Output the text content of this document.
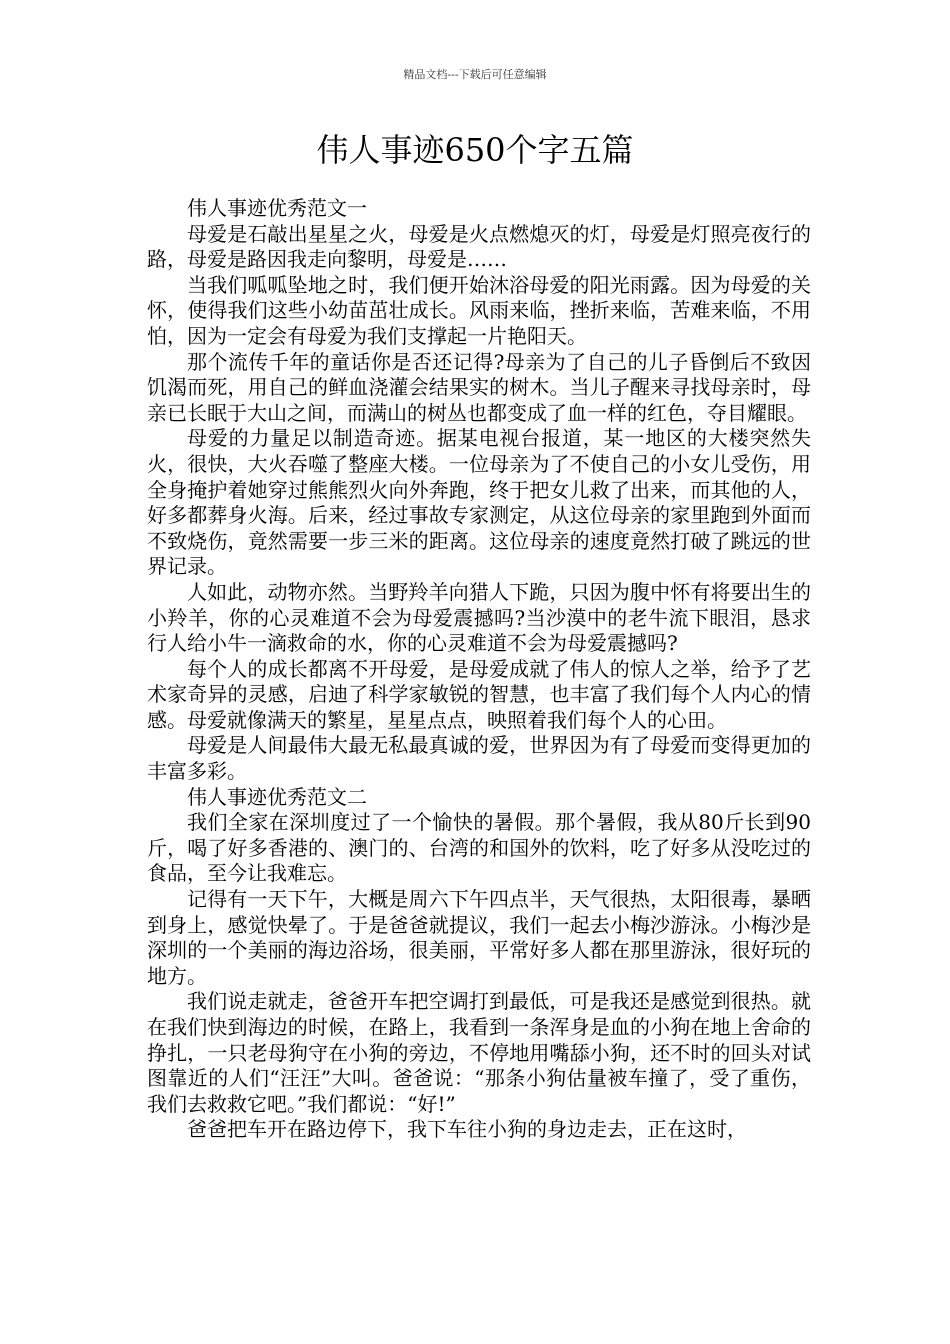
精品文档---下载后可任意编辑
伟人事迹650个字五篇

伟人事迹优秀范文一

母爱是石敲出星星之火，母爱是火点燃熄灭的灯，母爱是灯照亮夜行的路，母爱是路因我走向黎明，母爱是……

当我们呱呱坠地之时，我们便开始沐浴母爱的阳光雨露。因为母爱的关怀，使得我们这些小幼苗茁壮成长。风雨来临，挫折来临，苦难来临，不用怕，因为一定会有母爱为我们支撑起一片艳阳天。

那个流传千年的童话你是否还记得?母亲为了自己的儿子昏倒后不致因饥渴而死，用自己的鲜血浇灌会结果实的树木。当儿子醒来寻找母亲时，母亲已长眠于大山之间，而满山的树丛也都变成了血一样的红色，夺目耀眼。

母爱的力量足以制造奇迹。据某电视台报道，某一地区的大楼突然失火，很快，大火吞噬了整座大楼。一位母亲为了不使自己的小女儿受伤，用全身掩护着她穿过熊熊烈火向外奔跑，终于把女儿救了出来，而其他的人，好多都葬身火海。后来，经过事故专家测定，从这位母亲的家里跑到外面而不致烧伤，竟然需要一步三米的距离。这位母亲的速度竟然打破了跳远的世界记录。

人如此，动物亦然。当野羚羊向猎人下跪，只因为腹中怀有将要出生的小羚羊，你的心灵难道不会为母爱震撼吗?当沙漠中的老牛流下眼泪，恳求行人给小牛一滴救命的水，你的心灵难道不会为母爱震撼吗?

每个人的成长都离不开母爱，是母爱成就了伟人的惊人之举，给予了艺术家奇异的灵感，启迪了科学家敏锐的智慧，也丰富了我们每个人内心的情感。母爱就像满天的繁星，星星点点，映照着我们每个人的心田。

母爱是人间最伟大最无私最真诚的爱，世界因为有了母爱而变得更加的丰富多彩。

伟人事迹优秀范文二

我们全家在深圳度过了一个愉快的暑假。那个暑假，我从80斤长到90斤，喝了好多香港的、澳门的、台湾的和国外的饮料，吃了好多从没吃过的食品，至今让我难忘。

记得有一天下午，大概是周六下午四点半，天气很热，太阳很毒，暴晒到身上，感觉快晕了。于是爸爸就提议，我们一起去小梅沙游泳。小梅沙是深圳的一个美丽的海边浴场，很美丽，平常好多人都在那里游泳，很好玩的地方。

我们说走就走，爸爸开车把空调打到最低，可是我还是感觉到很热。就在我们快到海边的时候，在路上，我看到一条浑身是血的小狗在地上舍命的挣扎，一只老母狗守在小狗的旁边，不停地用嘴舔小狗，还不时的回头对试图靠近的人们“汪汪”大叫。爸爸说：“那条小狗估量被车撞了，受了重伤，我们去救救它吧。”我们都说：“好!”

爸爸把车开在路边停下，我下车往小狗的身边走去，正在这时，
